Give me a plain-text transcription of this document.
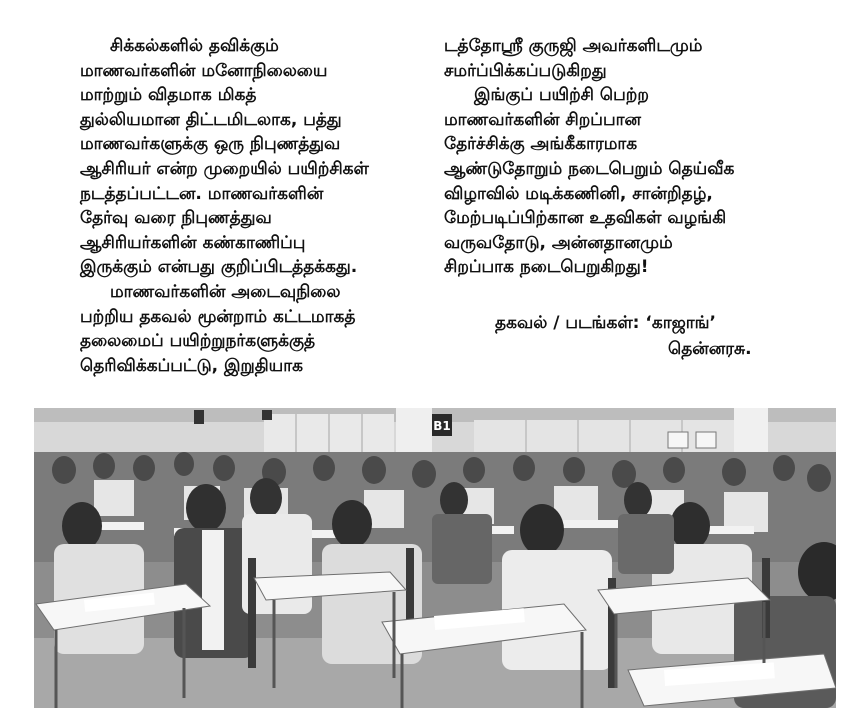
சிக்கல்களில் தவிக்கும்
மாணவர்களின் மனோநிலையை
மாற்றும் விதமாக மிகத்
துல்லியமான திட்டமிடலாக, பத்து
மாணவர்களுக்கு ஒரு நிபுணத்துவ
ஆசிரியர் என்ற முறையில் பயிற்சிகள்
நடத்தப்பட்டன. மாணவர்களின்
தேர்வு வரை நிபுணத்துவ
ஆசிரியர்களின் கண்காணிப்பு
இருக்கும் என்பது குறிப்பிடத்தக்கது.
மாணவர்களின் அடைவுநிலை
பற்றிய தகவல் மூன்றாம் கட்டமாகத்
தலைமைப் பயிற்றுநர்களுக்குத்
தெரிவிக்கப்பட்டு, இறுதியாக
டத்தோஸ்ரீ குருஜி அவர்களிடமும்
சமர்ப்பிக்கப்படுகிறது
இங்குப் பயிற்சி பெற்ற
மாணவர்களின் சிறப்பான
தேர்ச்சிக்கு அங்கீகாரமாக
ஆண்டுதோறும் நடைபெறும் தெய்வீக
விழாவில் மடிக்கணினி, சான்றிதழ்,
மேற்படிப்பிற்கான உதவிகள் வழங்கி
வருவதோடு, அன்னதானமும்
சிறப்பாக நடைபெறுகிறது!
தகவல் / படங்கள்: ‘காஜாங்’
தென்னரசு.
B1
